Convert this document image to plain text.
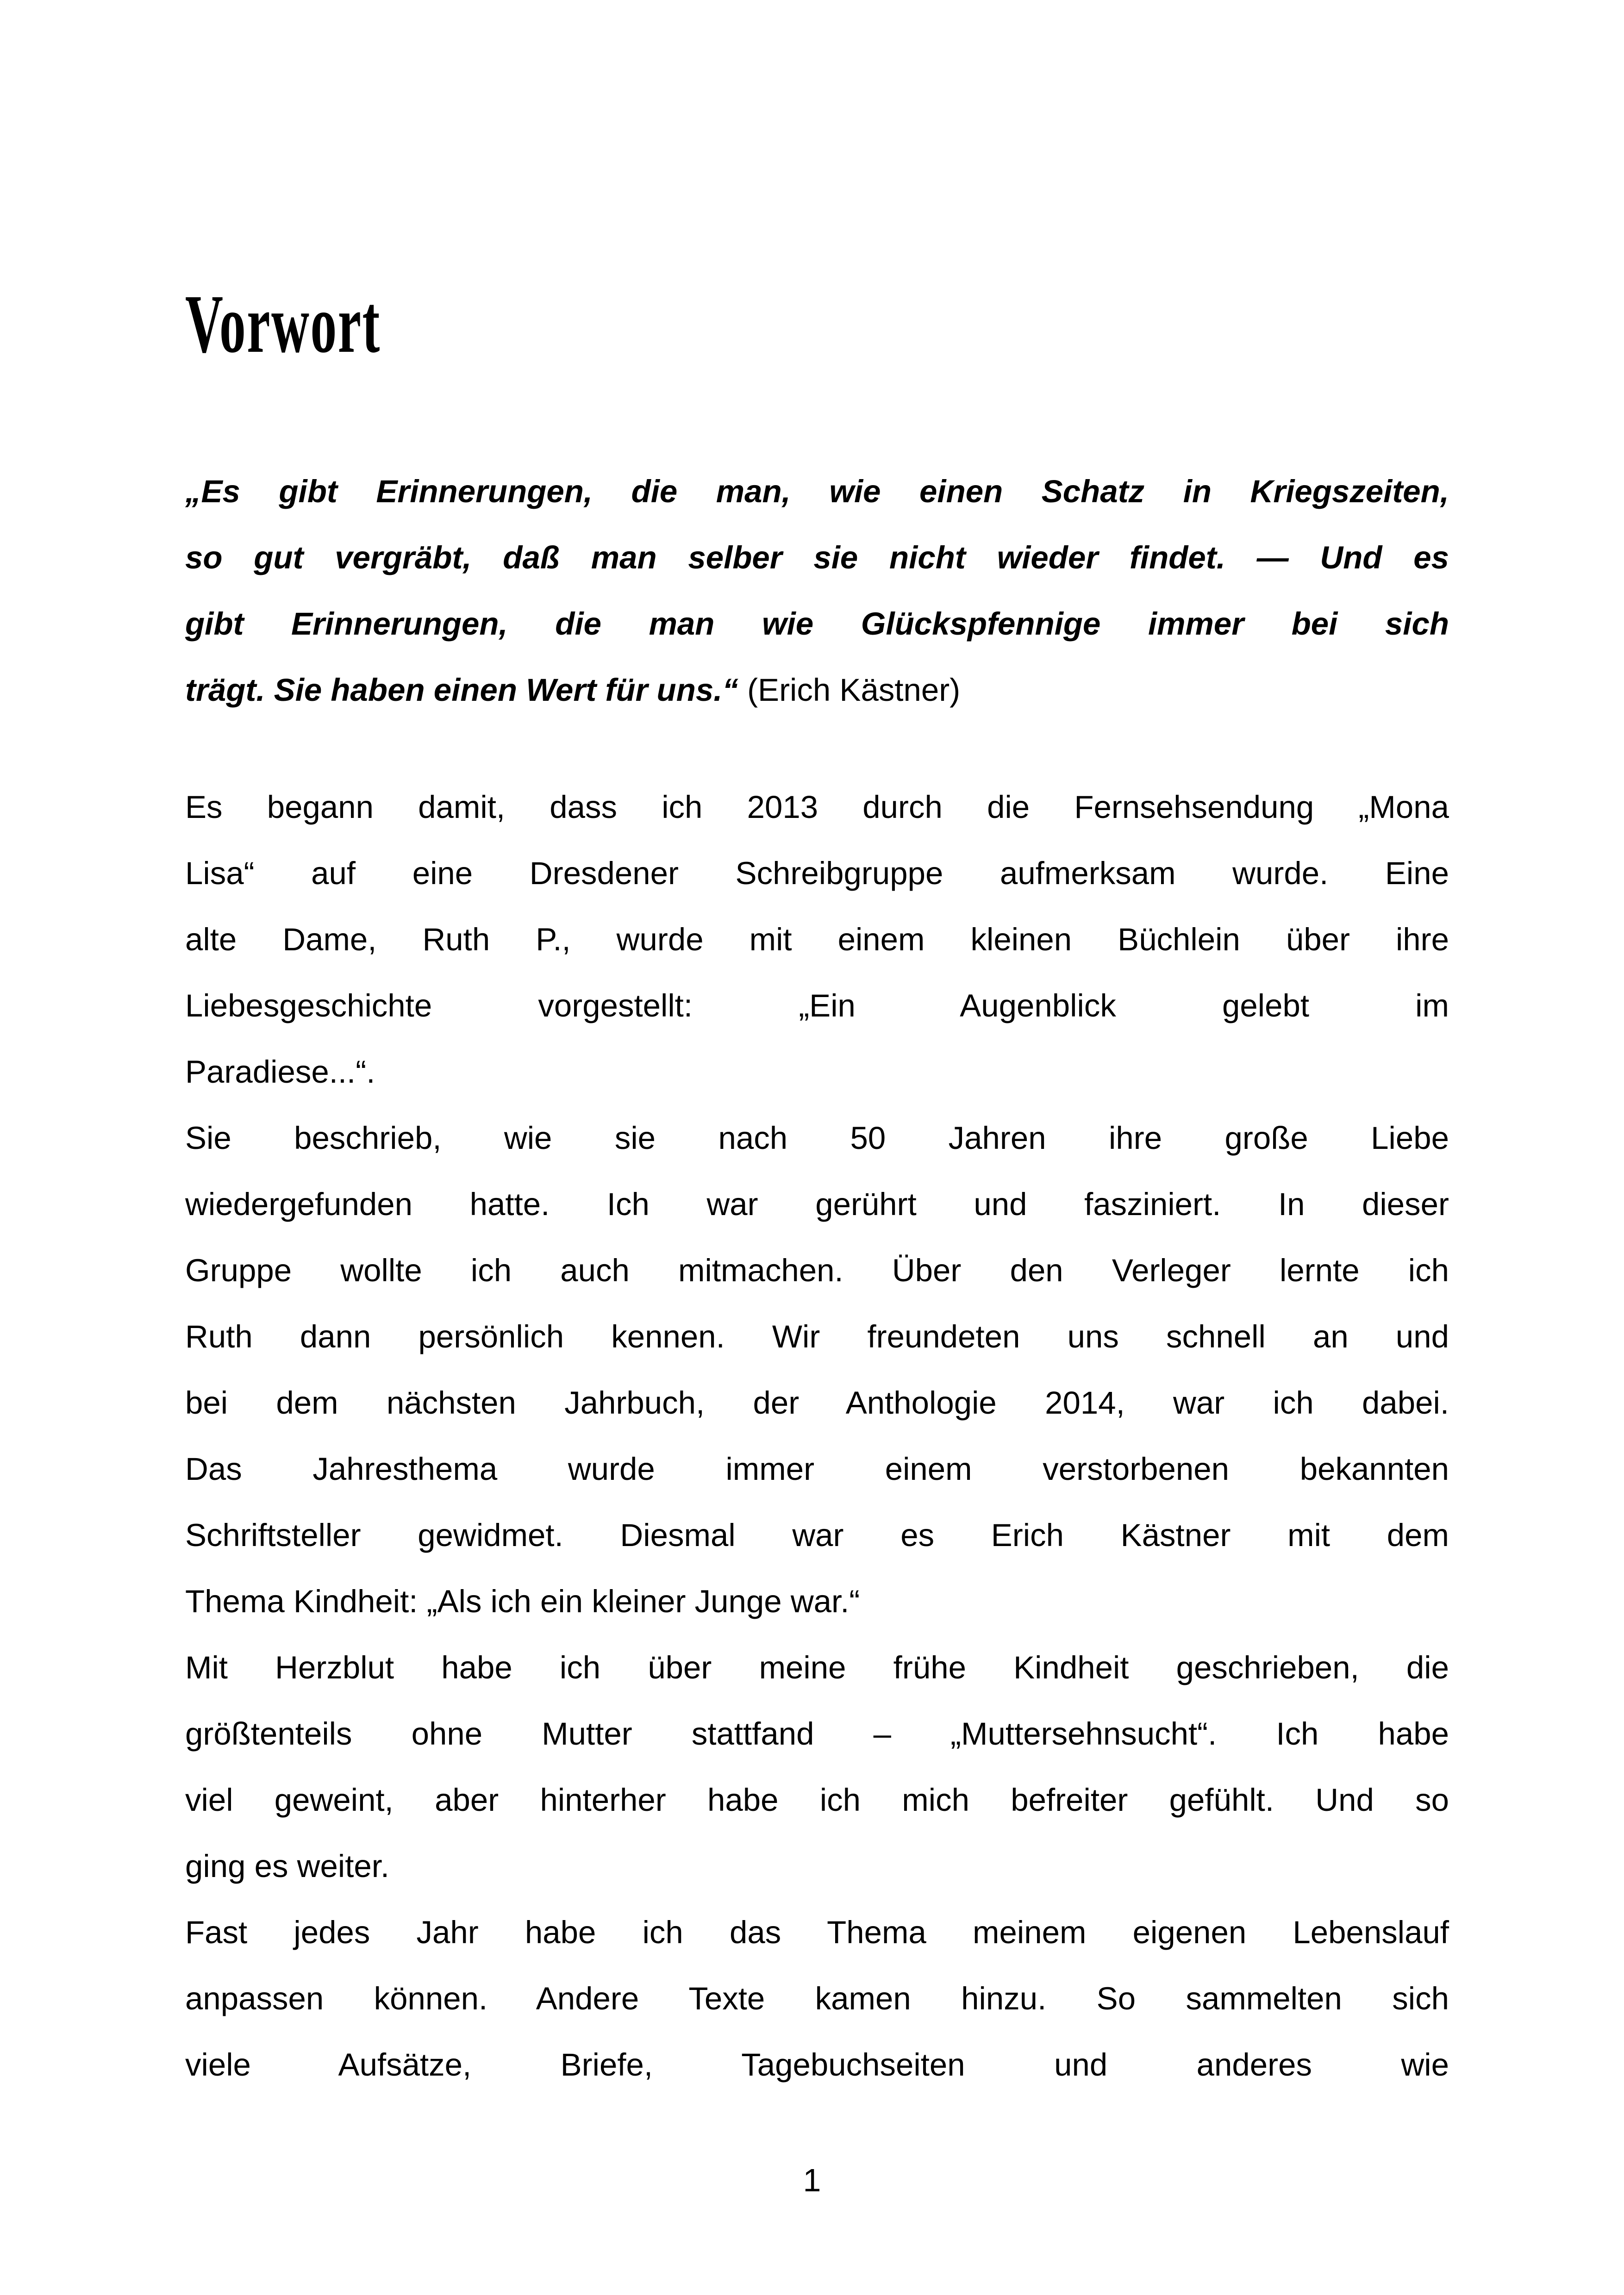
Vorwort
„Es gibt Erinnerungen, die man, wie einen Schatz in Kriegszeiten,
so gut vergräbt, daß man selber sie nicht wieder findet. — Und es
gibt Erinnerungen, die man wie Glückspfennige immer bei sich
trägt. Sie haben einen Wert für uns.“ (Erich Kästner)
Es begann damit, dass ich 2013 durch die Fernsehsendung „Mona
Lisa“ auf eine Dresdener Schreibgruppe aufmerksam wurde. Eine
alte Dame, Ruth P., wurde mit einem kleinen Büchlein über ihre
Liebesgeschichte vorgestellt: „Ein Augenblick gelebt im
Paradiese...“.
Sie beschrieb, wie sie nach 50 Jahren ihre große Liebe
wiedergefunden hatte. Ich war gerührt und fasziniert. In dieser
Gruppe wollte ich auch mitmachen. Über den Verleger lernte ich
Ruth dann persönlich kennen. Wir freundeten uns schnell an und
bei dem nächsten Jahrbuch, der Anthologie 2014, war ich dabei.
Das Jahresthema wurde immer einem verstorbenen bekannten
Schriftsteller gewidmet. Diesmal war es Erich Kästner mit dem
Thema Kindheit: „Als ich ein kleiner Junge war.“
Mit Herzblut habe ich über meine frühe Kindheit geschrieben, die
größtenteils ohne Mutter stattfand – „Muttersehnsucht“. Ich habe
viel geweint, aber hinterher habe ich mich befreiter gefühlt. Und so
ging es weiter.
Fast jedes Jahr habe ich das Thema meinem eigenen Lebenslauf
anpassen können. Andere Texte kamen hinzu. So sammelten sich
viele Aufsätze, Briefe, Tagebuchseiten und anderes wie
1
